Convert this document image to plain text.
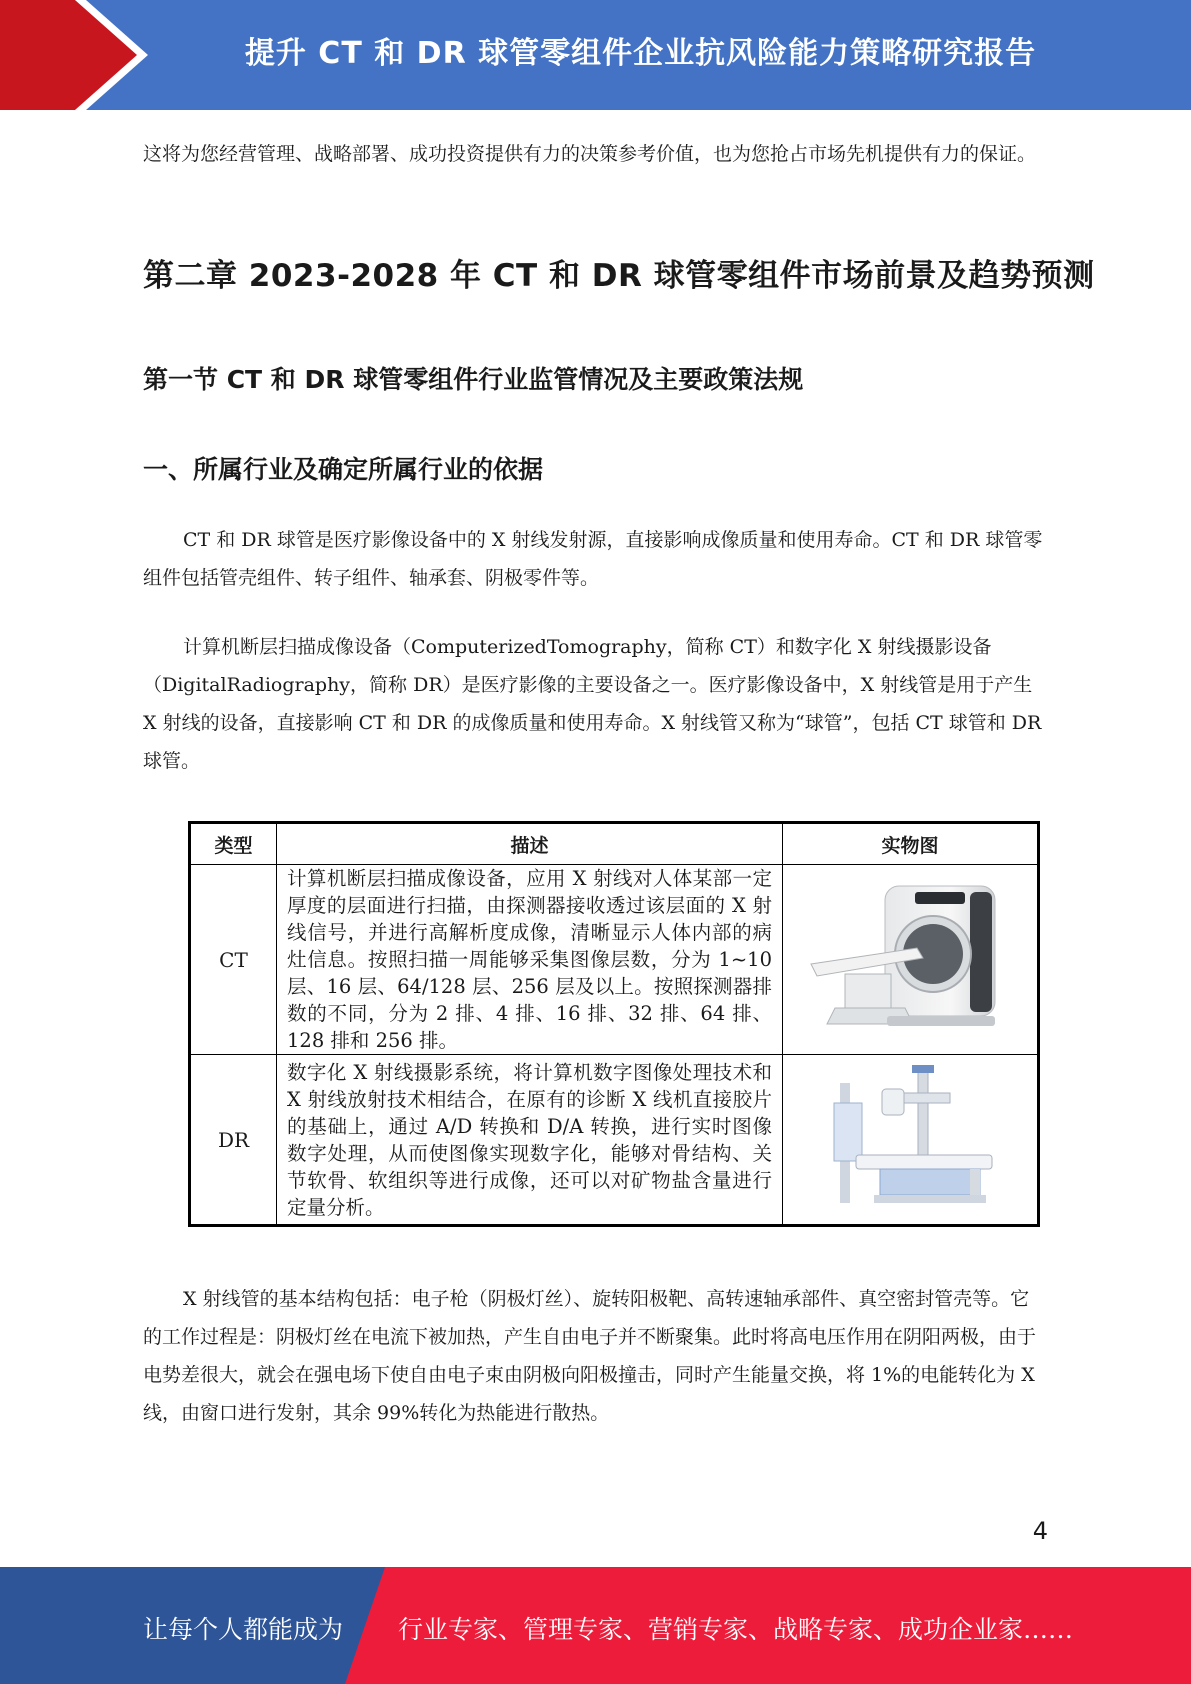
提升 CT 和 DR 球管零组件企业抗风险能力策略研究报告

这将为您经营管理、战略部署、成功投资提供有力的决策参考价值，也为您抢占市场先机提供有力的保证。

第二章 2023-2028 年 CT 和 DR 球管零组件市场前景及趋势预测
第一节 CT 和 DR 球管零组件行业监管情况及主要政策法规
一、所属行业及确定所属行业的依据

CT 和 DR 球管是医疗影像设备中的 X 射线发射源，直接影响成像质量和使用寿命。CT 和 DR 球管零组件包括管壳组件、转子组件、轴承套、阴极零件等。

计算机断层扫描成像设备（ComputerizedTomography，简称 CT）和数字化 X 射线摄影设备（DigitalRadiography，简称 DR）是医疗影像的主要设备之一。医疗影像设备中，X 射线管是用于产生 X 射线的设备，直接影响 CT 和 DR 的成像质量和使用寿命。X 射线管又称为“球管”，包括 CT 球管和 DR 球管。

类型	描述	实物图
CT	计算机断层扫描成像设备，应用 X 射线对人体某部一定厚度的层面进行扫描，由探测器接收透过该层面的 X 射线信号，并进行高解析度成像，清晰显示人体内部的病灶信息。按照扫描一周能够采集图像层数，分为 1~10 层、16 层、64/128 层、256 层及以上。按照探测器排数的不同，分为 2 排、4 排、16 排、32 排、64 排、128 排和 256 排。	
DR	数字化 X 射线摄影系统，将计算机数字图像处理技术和 X 射线放射技术相结合，在原有的诊断 X 线机直接胶片的基础上，通过 A/D 转换和 D/A 转换，进行实时图像数字处理，从而使图像实现数字化，能够对骨结构、关节软骨、软组织等进行成像，还可以对矿物盐含量进行定量分析。	

X 射线管的基本结构包括：电子枪（阴极灯丝）、旋转阳极靶、高转速轴承部件、真空密封管壳等。它的工作过程是：阴极灯丝在电流下被加热，产生自由电子并不断聚集。此时将高电压作用在阴阳两极，由于电势差很大，就会在强电场下使自由电子束由阴极向阳极撞击，同时产生能量交换，将 1%的电能转化为 X 线，由窗口进行发射，其余 99%转化为热能进行散热。

4

让每个人都能成为 行业专家、管理专家、营销专家、战略专家、成功企业家……
